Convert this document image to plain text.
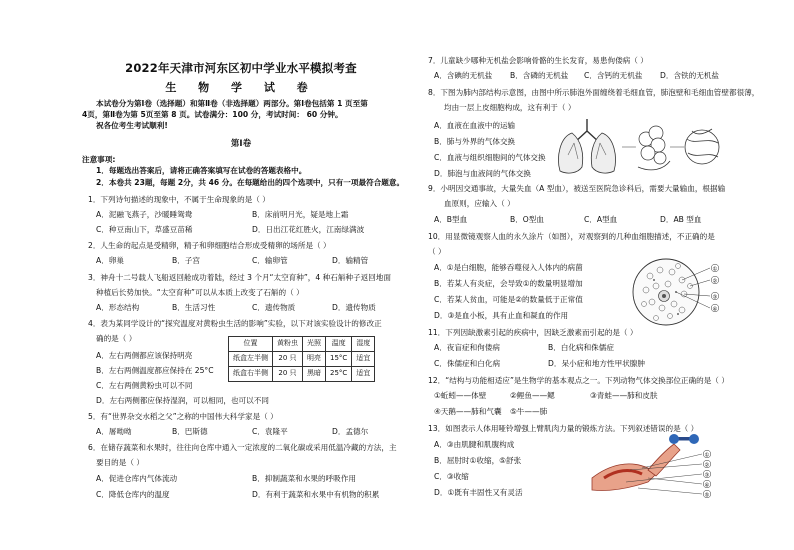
2022年天津市河东区初中学业水平模拟考查
生 物 学 试 卷
本试卷分为第Ⅰ卷（选择题）和第Ⅱ卷（非选择题）两部分。第Ⅰ卷包括第 1 页至第
4页，第Ⅱ卷为第 5页至第 8 页。试卷满分：100 分，考试时间： 60 分钟。
祝各位考生考试顺利!
第Ⅰ卷
注意事项:
1．每题选出答案后，请将正确答案填写在试卷的答题表格中。
2．本卷共 23题，每题 2分，共 46 分。在每题给出的四个选项中，只有一项最符合题意。
1．下列诗句描述的现象中，不属于生命现象的是（ ）
A．泥融飞燕子，沙暖睡鸳鸯	B．床前明月光，疑是地上霜
C．种豆南山下，草盛豆苗稀	D．日出江花红胜火，江南绿满波
2．人生命的起点是受精卵，精子和卵细胞结合形成受精卵的场所是（ ）
A．卵巢	B．子宫	C．输卵管	D．输精管
3．神舟十二号载人飞船返回舱成功着陆，经过 3 个月“太空育种”，4 种石斛种子返回地面
种植后长势加快。“太空育种”可以从本质上改变了石斛的（ ）
A．形态结构	B．生活习性	C．遗传物质	D．遗传物质
4．表为某同学设计的“探究温度对黄粉虫生活的影响”实验，以下对该实验设计的修改正
确的是（ ）
A．左右两侧都应该保持明亮
B．左右两侧温度都应保持在 25°C
C．左右两侧黄粉虫可以不同
D．左右两侧都应保持湿润，可以相同，也可以不同
位置	黄粉虫	光照	温度	湿度
纸盒左半侧	20 只	明亮	15°C	适宜
纸盒右半侧	20 只	黑暗	25°C	适宜
5．有“世界杂交水稻之父”之称的中国伟大科学家是（ ）
A．屠呦呦	B．巴斯德	C．袁隆平	D．孟德尔
6．在储存蔬菜和水果时，往往向仓库中通入一定浓度的二氧化碳或采用低温冷藏的方法，主
要目的是（ ）
A．促进仓库内气体流动	B．抑制蔬菜和水果的呼吸作用
C．降低仓库内的温度	D．有利于蔬菜和水果中有机物的积累
7．儿童缺少哪种无机盐会影响骨骼的生长发育，易患佝偻病（ ）
A．含碘的无机盐 B．含磷的无机盐 C．含钙的无机盐 D．含铁的无机盐
8．下图为肺内部结构示意图，由图中所示肺泡外面缠绕着毛细血管，肺泡壁和毛细血管壁都很薄，
均由一层上皮细胞构成，这有利于（ ）
A．血液在血液中的运输
B．肺与外界的气体交换
C．血液与组织细胞间的气体交换
D．肺泡与血液间的气体交换
9．小明因交通事故，大量失血（A 型血），被送至医院急诊科后，需要大量输血，根据输
血原则，应输入（ ）
A．B型血	B．O型血	C．A型血	D．AB 型血
10．用显微镜观察人血的永久涂片（如图），对观察到的几种血细胞描述，不正确的是
（ ）
A．①是白细胞，能够吞噬侵入人体内的病菌
B．若某人有炎症，会导致①的数量明显增加
C．若某人贫血，可能是②的数量低于正常值
D．③是血小板，具有止血和凝血的作用
①
②
③
④
11．下列因缺激素引起的疾病中，因缺乏激素而引起的是（ ）
A．夜盲症和佝偻病	B．白化病和侏儒症
C．侏儒症和白化病	D．呆小症和地方性甲状腺肿
12．“结构与功能相适应”是生物学的基本观点之一。下列动物气体交换部位正确的是（ ）
①蚯蚓——体壁	②鲤鱼——鳃	③青蛙——肺和皮肤
④天鹅——肺和气囊 ⑤牛——肺
13．如图表示人体用哑铃增强上臂肌肉力量的锻炼方法。下列叙述错误的是（ ）
A．③由肌腱和肌腹构成
B．屈肘时①收缩，⑤舒张
C．③收缩
D．①既有丰固性又有灵活
①
②
③
④
⑤
